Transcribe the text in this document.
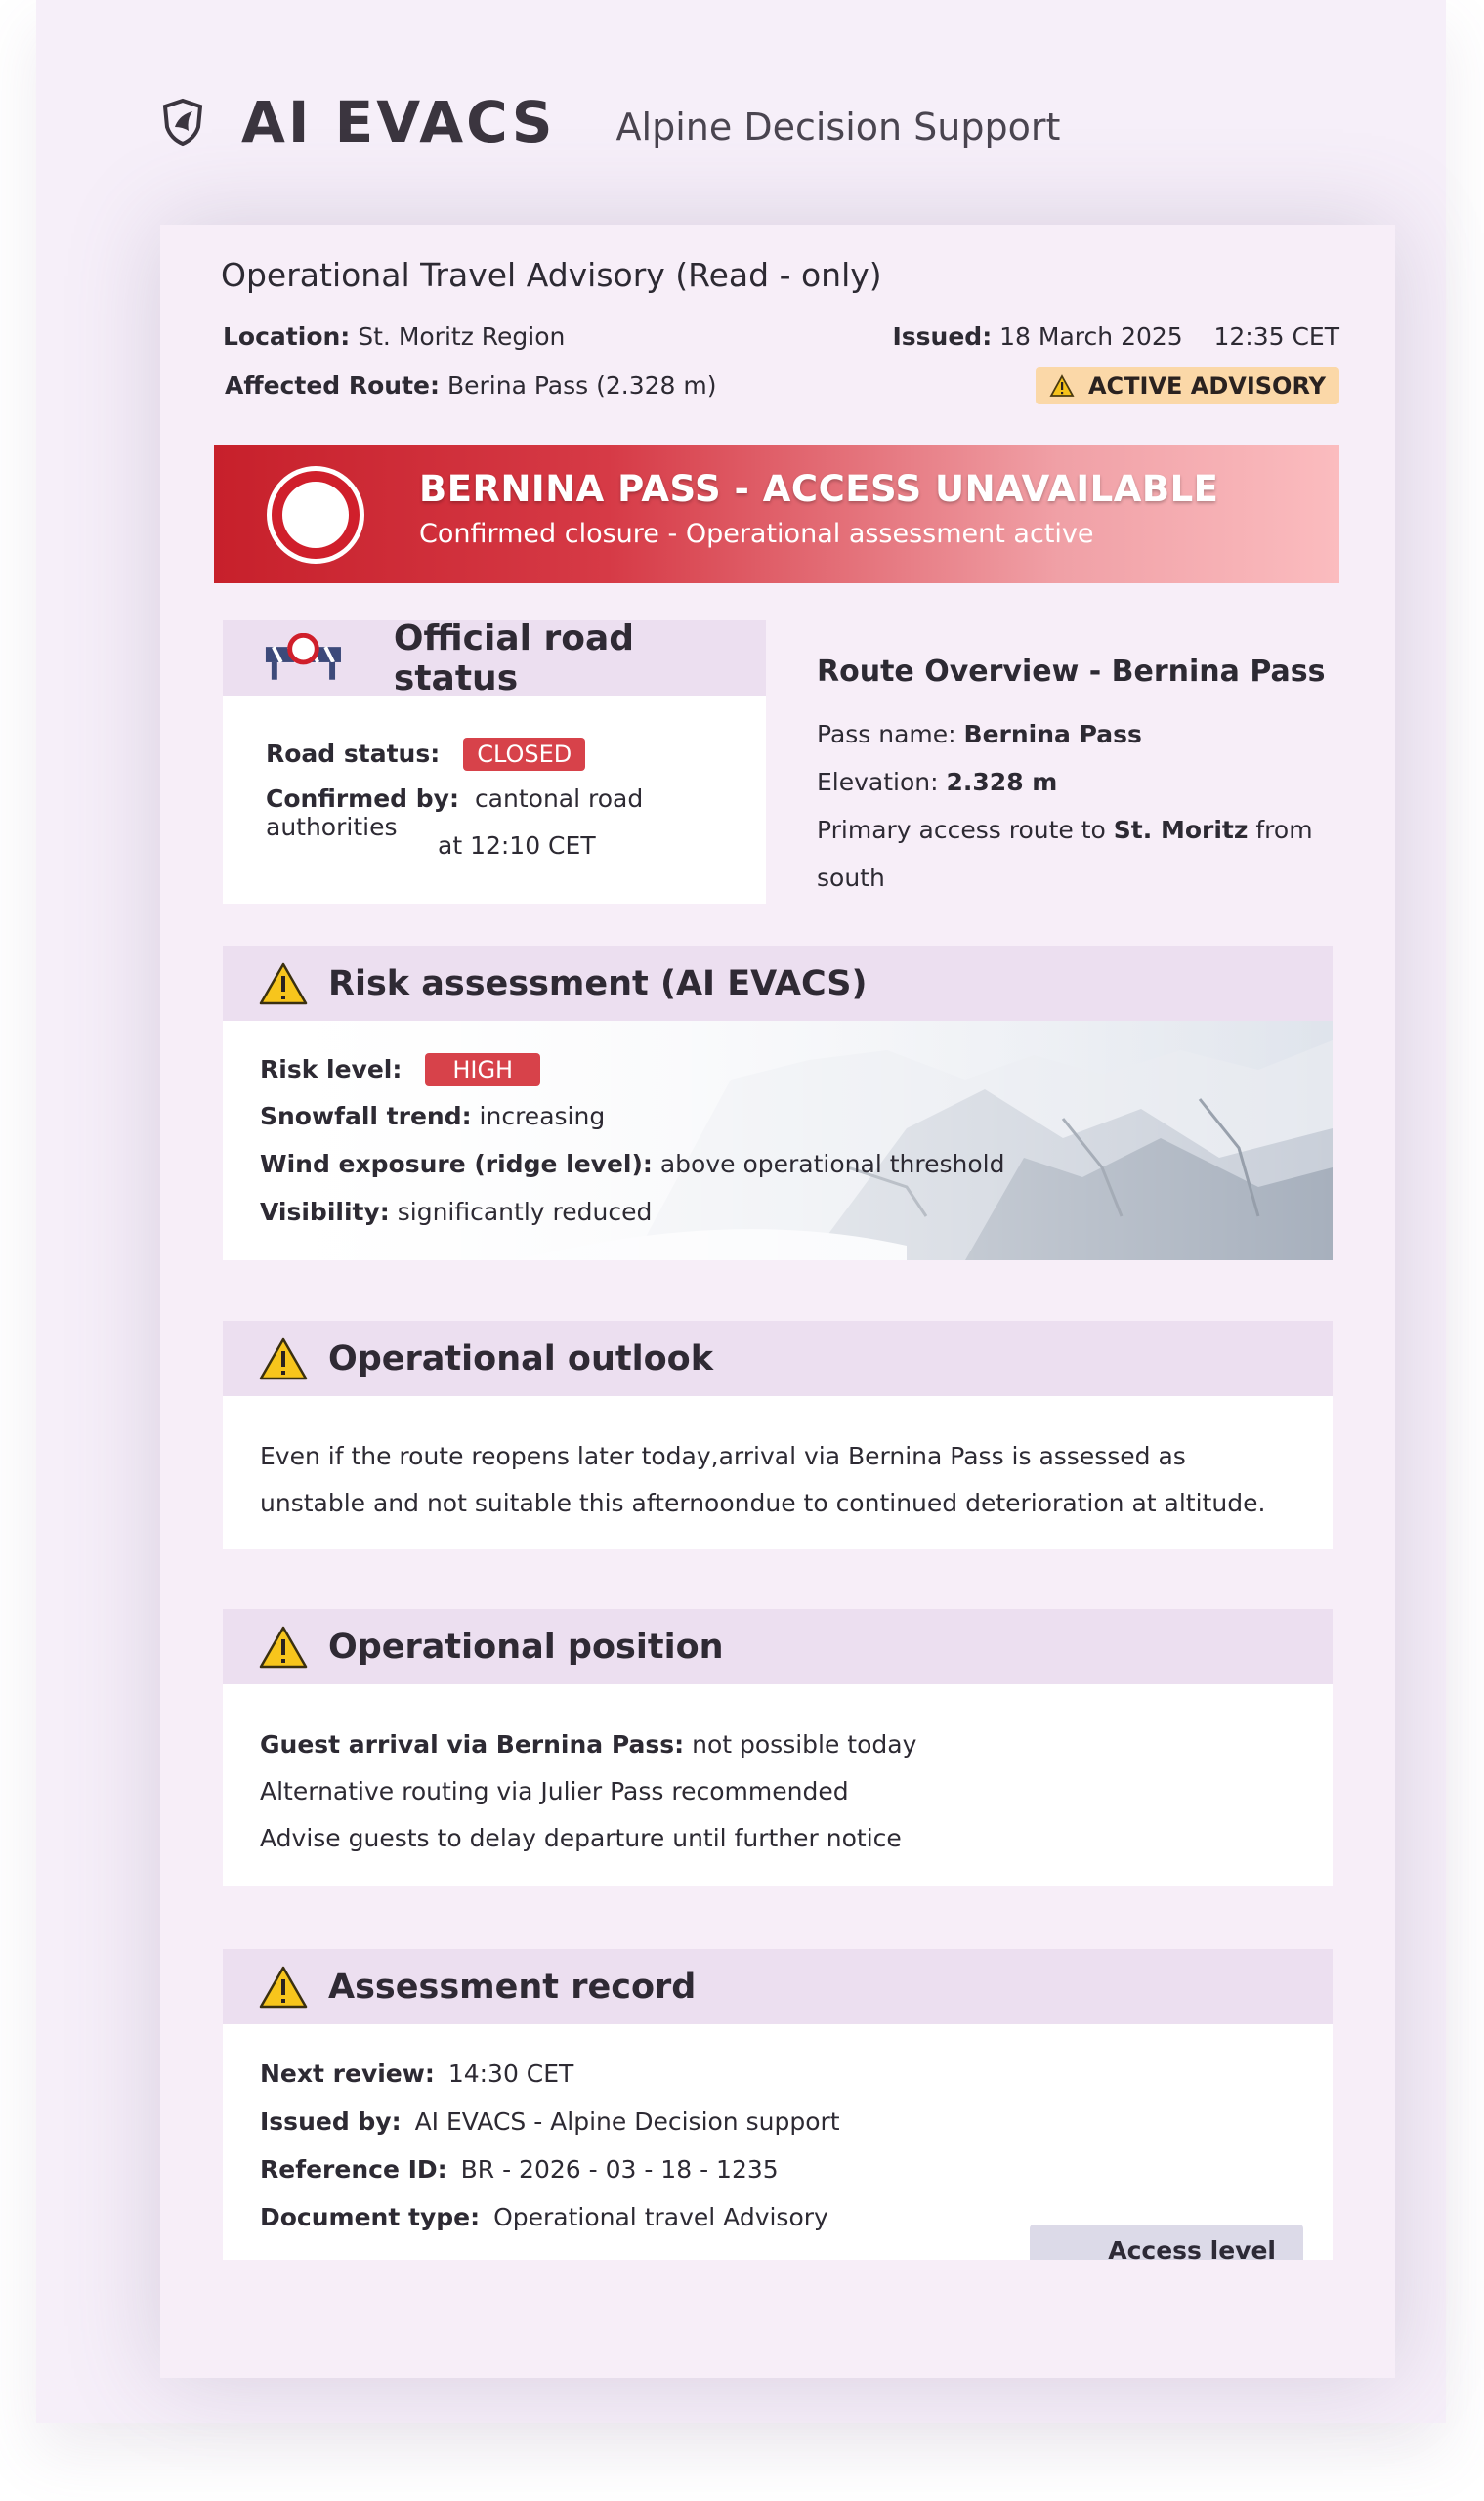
AI EVACS Alpine Decision Support
Operational Travel Advisory (Read - only)
Location: St. Moritz Region
Affected Route: Berina Pass (2.328 m)
Issued: 18 March 2025    12:35 CET
ACTIVE ADVISORY
BERNINA PASS - ACCESS UNAVAILABLE
Confirmed closure - Operational assessment active
Official road status
Road status: CLOSED
Confirmed by: cantonal road authorities
at 12:10 CET
Route Overview - Bernina Pass
Pass name: Bernina Pass
Elevation: 2.328 m
Primary access route to St. Moritz from south
Risk assessment (AI EVACS)
Risk level: HIGH
Snowfall trend: increasing
Wind exposure (ridge level): above operational threshold
Visibility: significantly reduced
Operational outlook
Even if the route reopens later today,arrival via Bernina Pass is assessed as
unstable and not suitable this afternoondue to continued deterioration at altitude.
Operational position
Guest arrival via Bernina Pass: not possible today
Alternative routing via Julier Pass recommended
Advise guests to delay departure until further notice
Assessment record
Next review: 14:30 CET
Issued by: AI EVACS - Alpine Decision support
Reference ID: BR - 2026 - 03 - 18 - 1235
Document type: Operational travel Advisory
Access level
